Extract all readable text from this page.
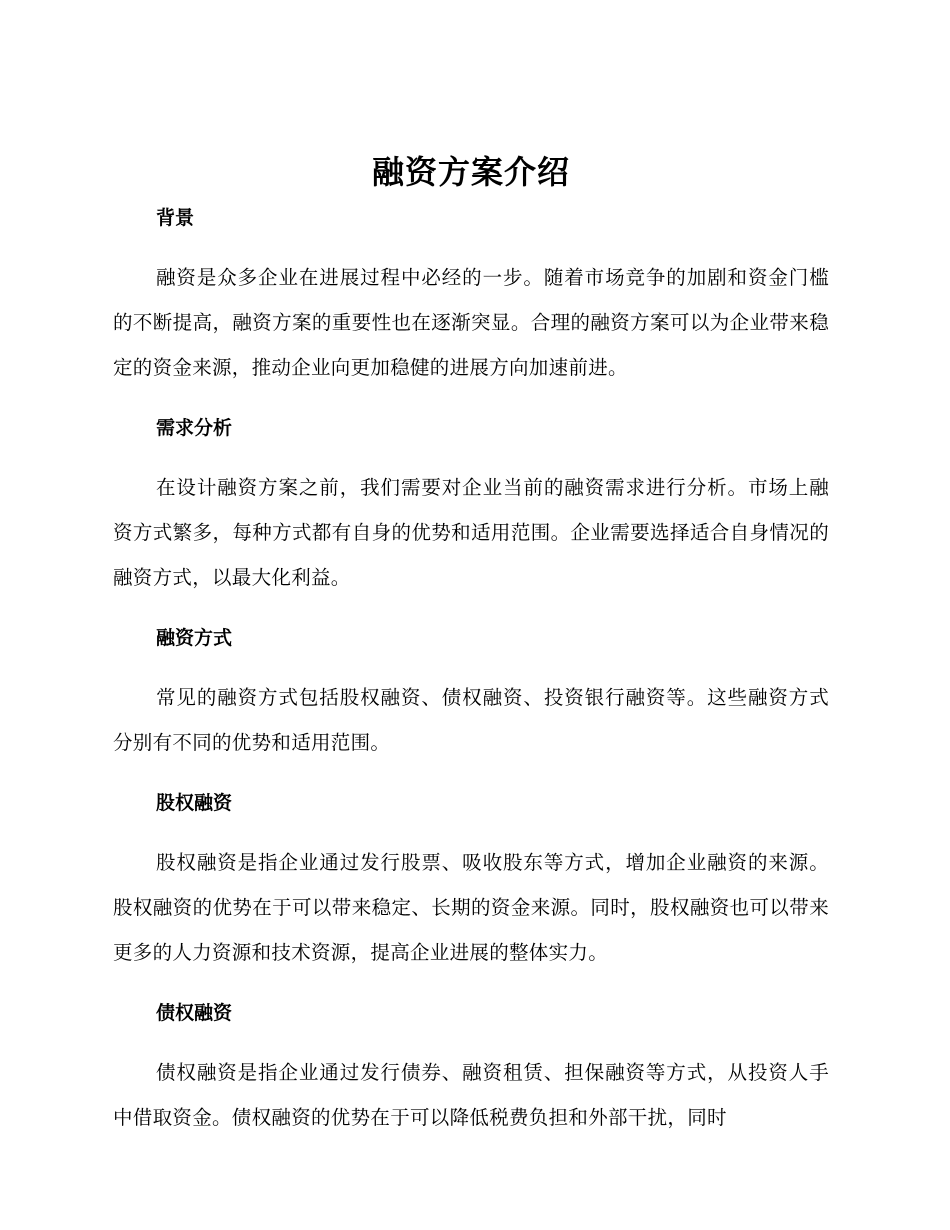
融资方案介绍
背景

融资是众多企业在进展过程中必经的一步。随着市场竞争的加剧和资金门槛的不断提高，融资方案的重要性也在逐渐突显。合理的融资方案可以为企业带来稳定的资金来源，推动企业向更加稳健的进展方向加速前进。

需求分析

在设计融资方案之前，我们需要对企业当前的融资需求进行分析。市场上融资方式繁多，每种方式都有自身的优势和适用范围。企业需要选择适合自身情况的融资方式，以最大化利益。

融资方式

常见的融资方式包括股权融资、债权融资、投资银行融资等。这些融资方式分别有不同的优势和适用范围。

股权融资

股权融资是指企业通过发行股票、吸收股东等方式，增加企业融资的来源。股权融资的优势在于可以带来稳定、长期的资金来源。同时，股权融资也可以带来更多的人力资源和技术资源，提高企业进展的整体实力。

债权融资

债权融资是指企业通过发行债券、融资租赁、担保融资等方式，从投资人手中借取资金。债权融资的优势在于可以降低税费负担和外部干扰，同时
